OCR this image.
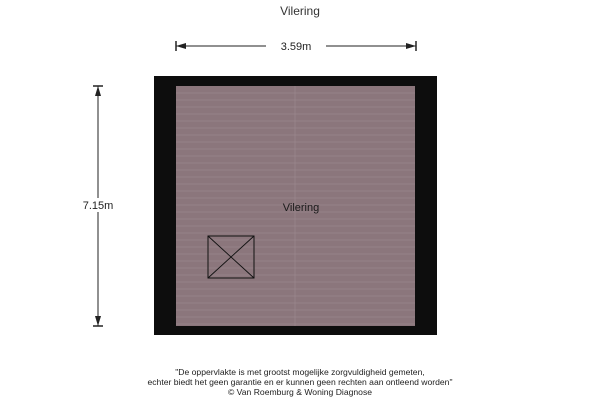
Vilering
3.59m
7.15m	Vilering
"De oppervlakte is met grootst mogelijke zorgvuldigheid gemeten,
echter biedt het geen garantie en er kunnen geen rechten aan ontleend worden"
© Van Roemburg & Woning Diagnose
